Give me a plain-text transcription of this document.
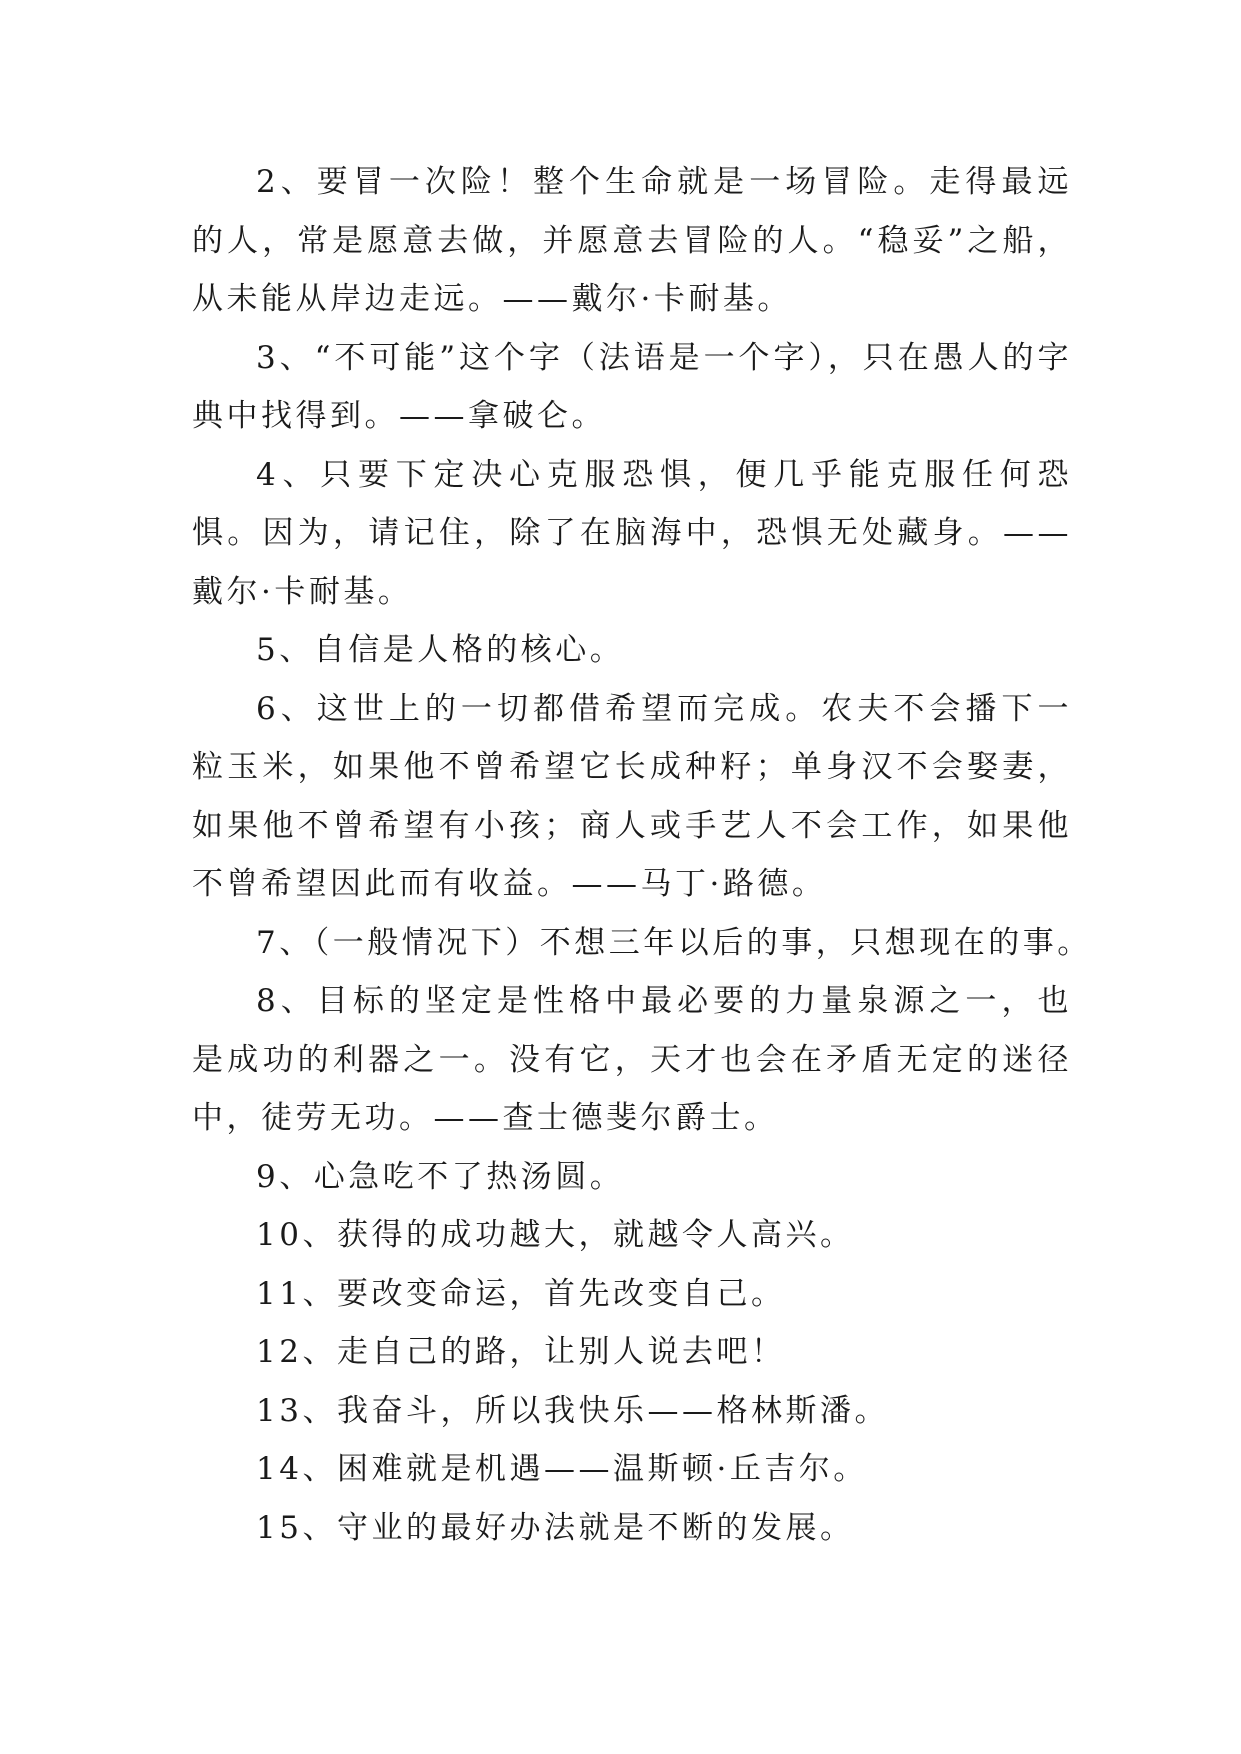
2、要冒一次险！整个生命就是一场冒险。走得最远的人，常是愿意去做，并愿意去冒险的人。“稳妥”之船，从未能从岸边走远。——戴尔·卡耐基。

3、“不可能”这个字（法语是一个字），只在愚人的字典中找得到。——拿破仑。

4、只要下定决心克服恐惧，便几乎能克服任何恐惧。因为，请记住，除了在脑海中，恐惧无处藏身。——戴尔·卡耐基。

5、自信是人格的核心。

6、这世上的一切都借希望而完成。农夫不会播下一粒玉米，如果他不曾希望它长成种籽；单身汉不会娶妻，如果他不曾希望有小孩；商人或手艺人不会工作，如果他不曾希望因此而有收益。——马丁·路德。

7、（一般情况下）不想三年以后的事，只想现在的事。

8、目标的坚定是性格中最必要的力量泉源之一，也是成功的利器之一。没有它，天才也会在矛盾无定的迷径中，徒劳无功。——查士德斐尔爵士。

9、心急吃不了热汤圆。

10、获得的成功越大，就越令人高兴。

11、要改变命运，首先改变自己。

12、走自己的路，让别人说去吧！

13、我奋斗，所以我快乐——格林斯潘。

14、困难就是机遇——温斯顿·丘吉尔。

15、守业的最好办法就是不断的发展。
